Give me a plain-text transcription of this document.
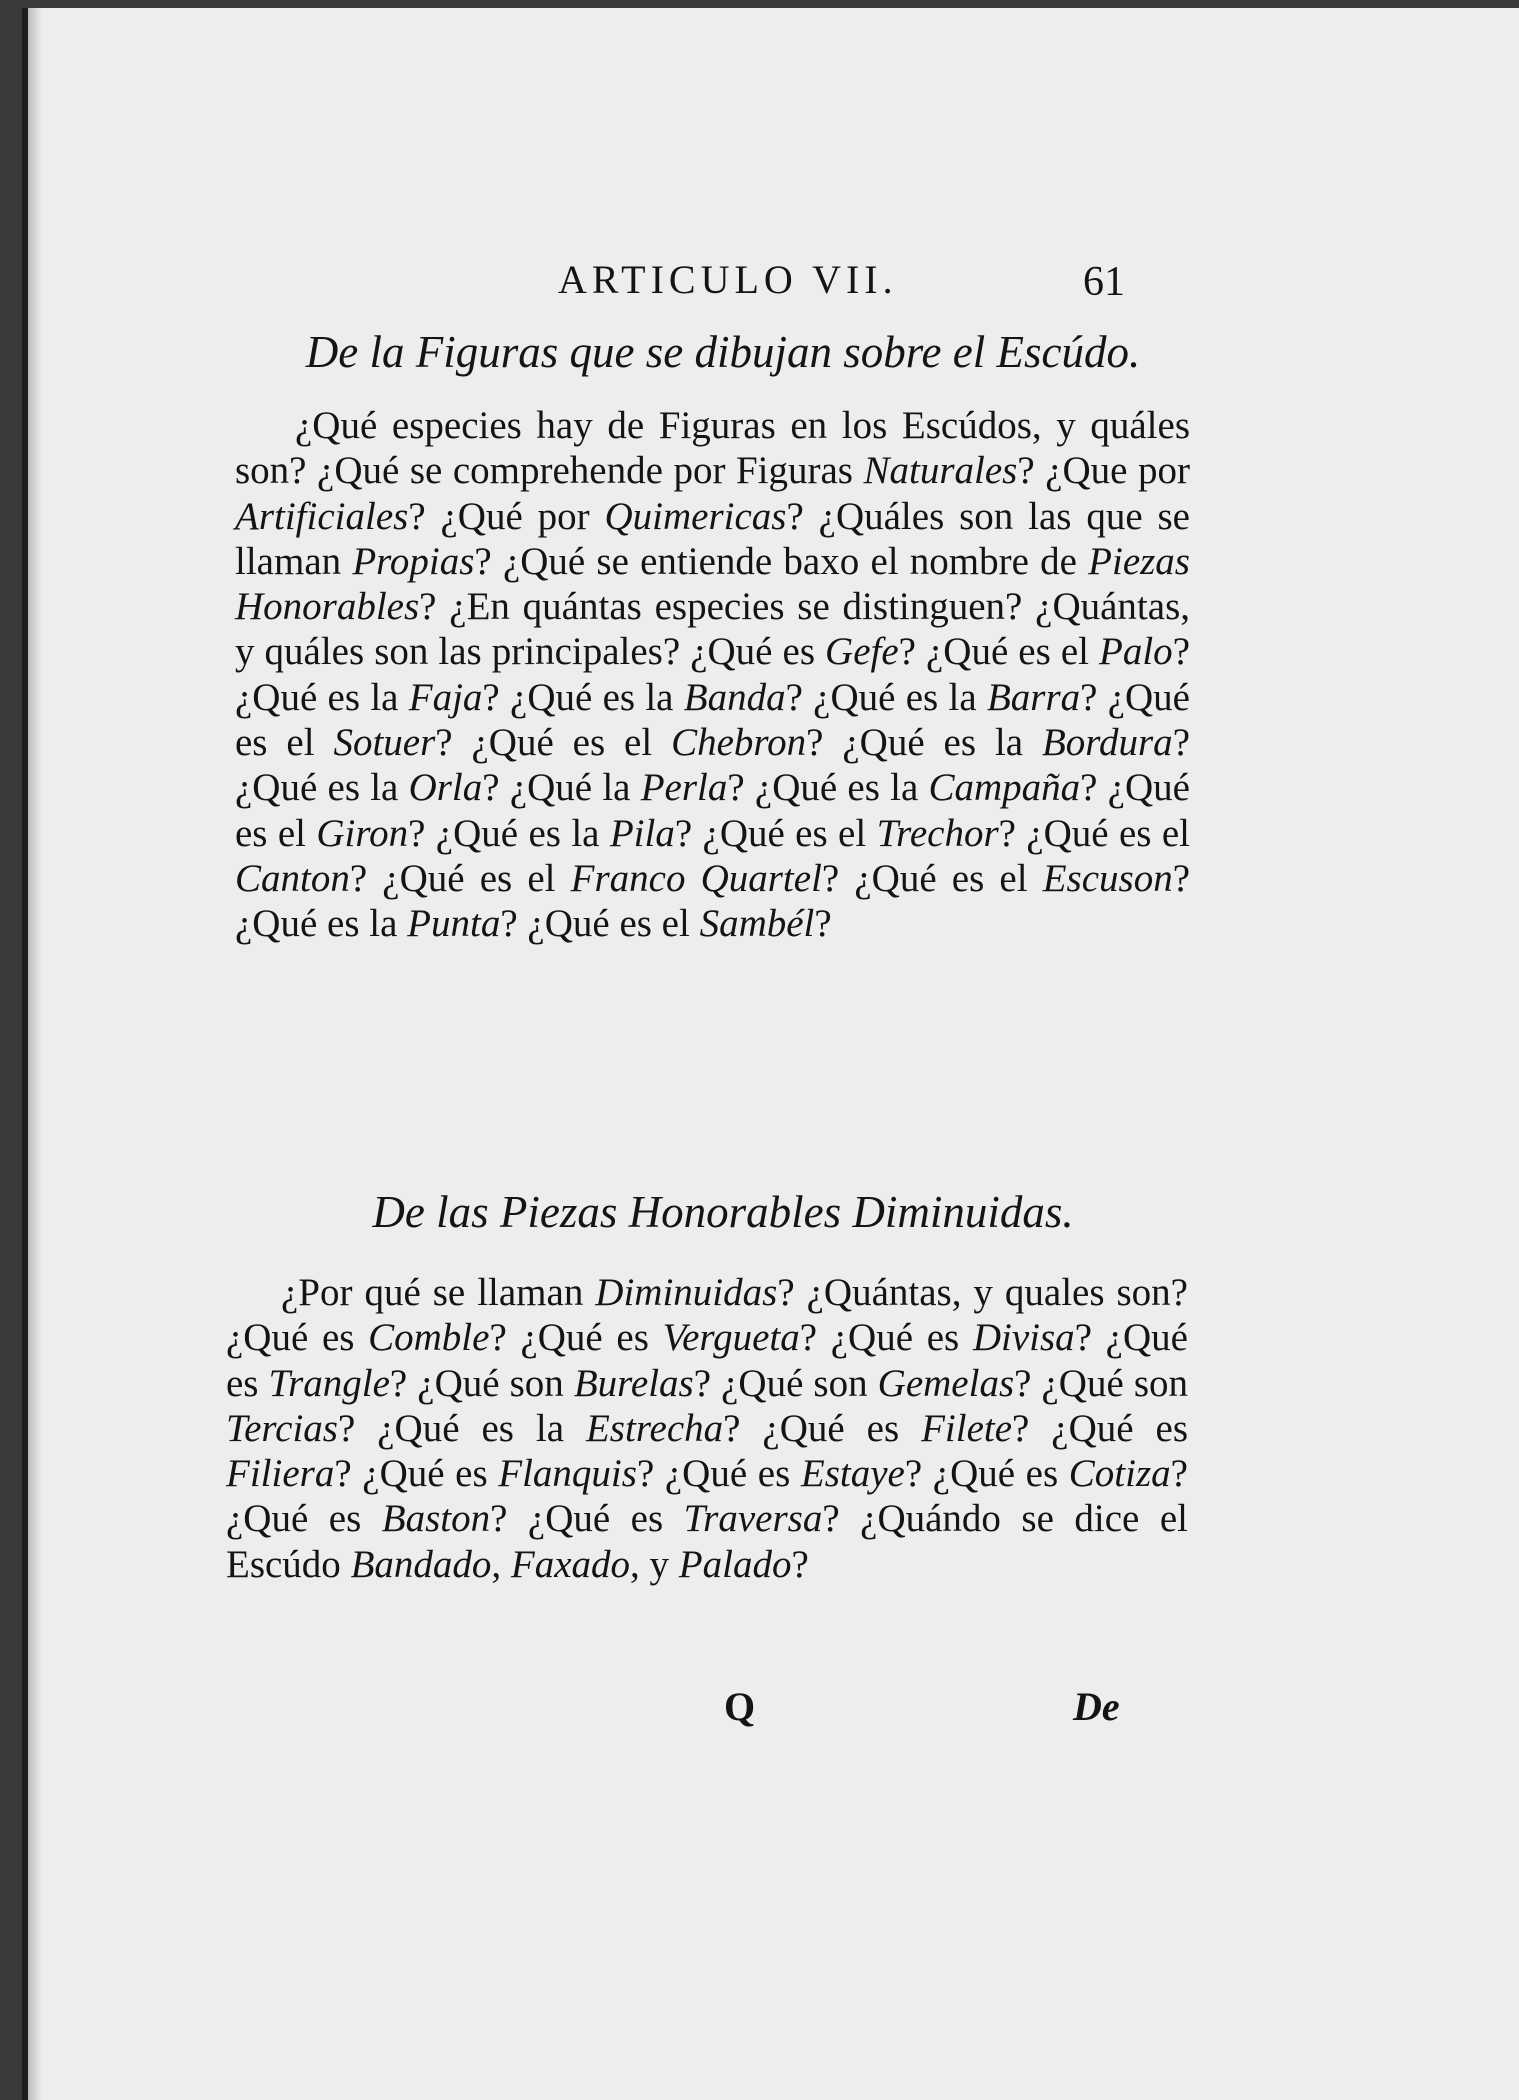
ARTICULO VII.	61
De la Figuras que se dibujan sobre el Escúdo.

¿Qué especies hay de Figuras en los Escúdos, y quáles son? ¿Qué se comprehende por Figuras Naturales? ¿Que por Artificiales? ¿Qué por Quimericas? ¿Quáles son las que se llaman Propias? ¿Qué se entiende baxo el nombre de Piezas Honorables? ¿En quántas especies se distinguen? ¿Quántas, y quáles son las principales? ¿Qué es Gefe? ¿Qué es el Palo? ¿Qué es la Faja? ¿Qué es la Banda? ¿Qué es la Barra? ¿Qué es el Sotuer? ¿Qué es el Chebron? ¿Qué es la Bordura? ¿Qué es la Orla? ¿Qué la Perla? ¿Qué es la Campaña? ¿Qué es el Giron? ¿Qué es la Pila? ¿Qué es el Trechor? ¿Qué es el Canton? ¿Qué es el Franco Quartel? ¿Qué es el Escuson? ¿Qué es la Punta? ¿Qué es el Sambél?

De las Piezas Honorables Diminuidas.

¿Por qué se llaman Diminuidas? ¿Quántas, y quales son? ¿Qué es Comble? ¿Qué es Vergueta? ¿Qué es Divisa? ¿Qué es Trangle? ¿Qué son Burelas? ¿Qué son Gemelas? ¿Qué son Tercias? ¿Qué es la Estrecha? ¿Qué es Filete? ¿Qué es Filiera? ¿Qué es Flanquis? ¿Qué es Estaye? ¿Qué es Cotiza? ¿Qué es Baston? ¿Qué es Traversa? ¿Quándo se dice el Escúdo Bandado, Faxado, y Palado?

Q	De
